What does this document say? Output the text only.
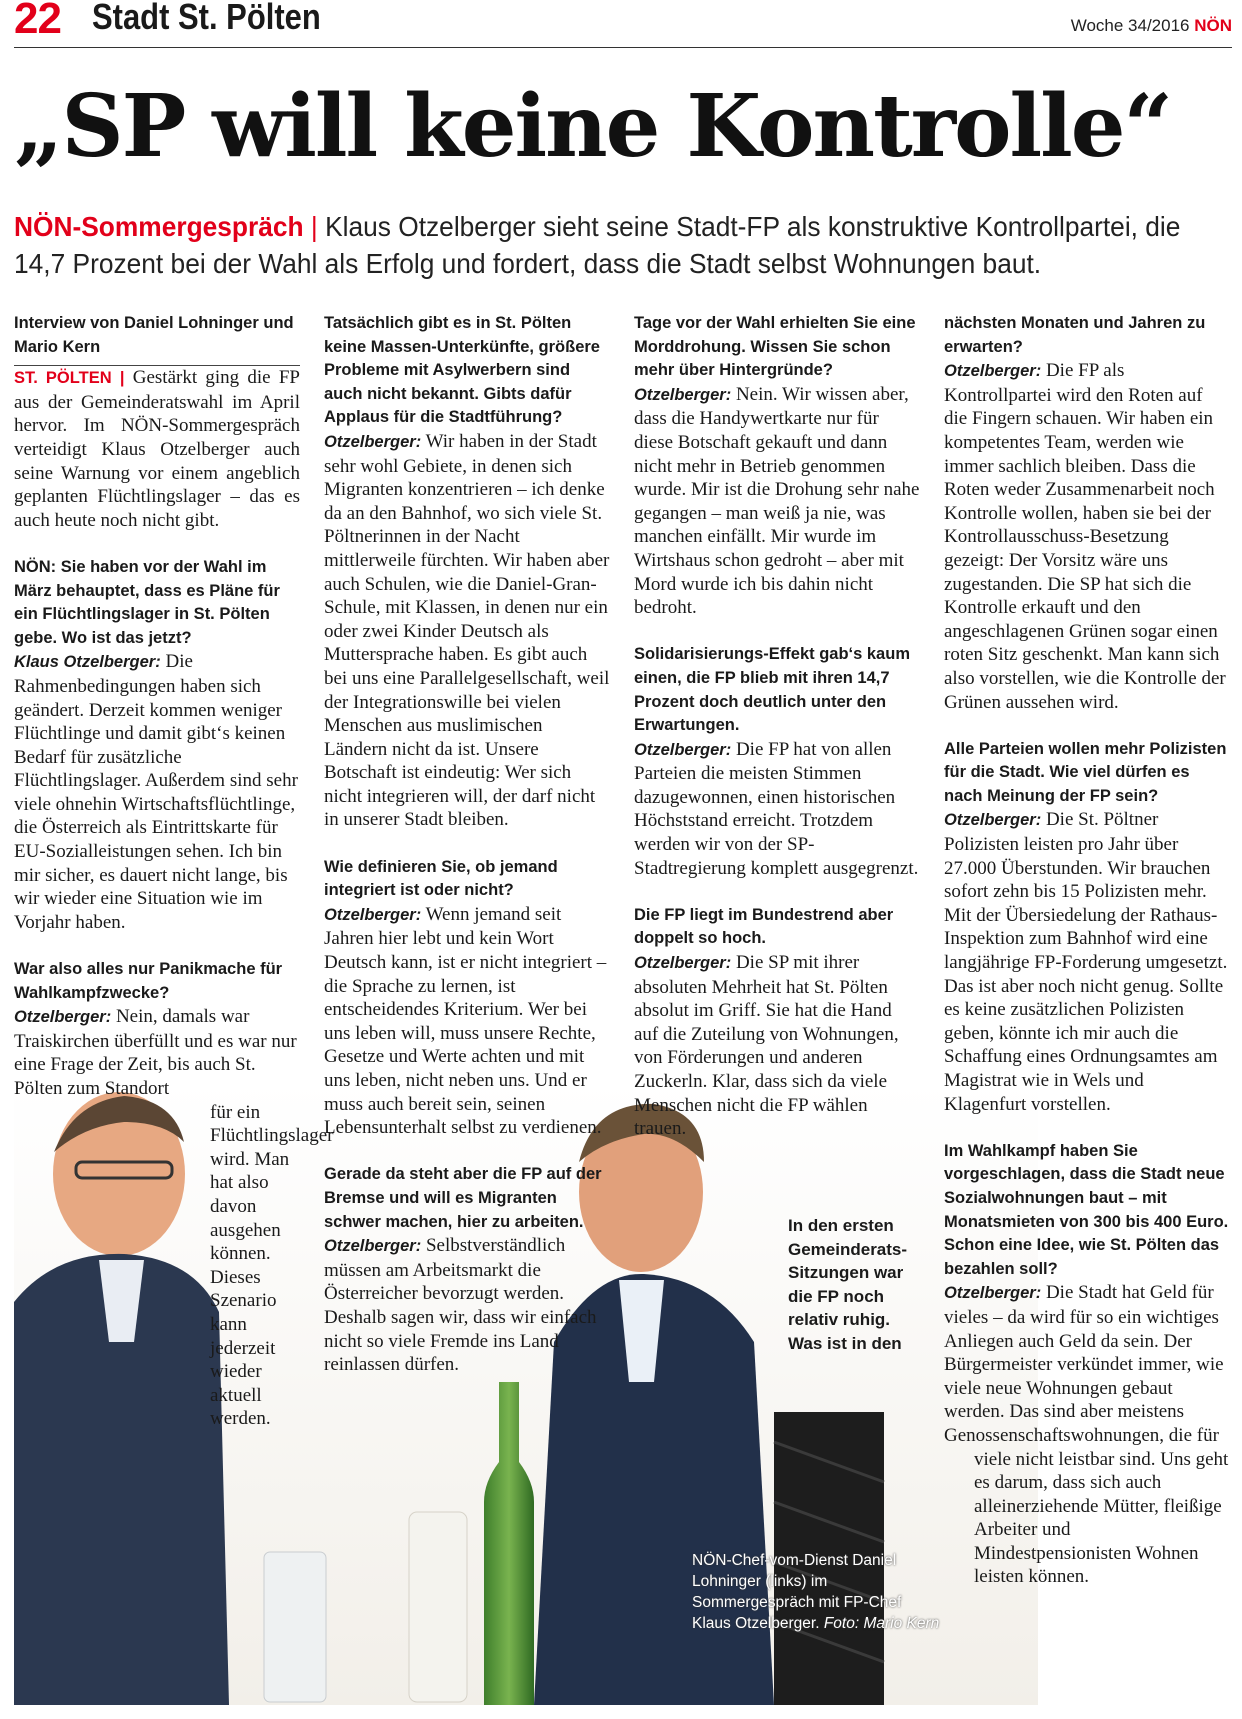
22 Stadt St. Pölten	Woche 34/2016 NÖN
„SP will keine Kontrolle“
NÖN-Sommergespräch | Klaus Otzelberger sieht seine Stadt-FP als konstruktive Kontrollpartei, die 14,7 Prozent bei der Wahl als Erfolg und fordert, dass die Stadt selbst Wohnungen baut.

Interview von Daniel Lohninger und Mario Kern

ST. PÖLTEN | Gestärkt ging die FP aus der Gemeinderatswahl im April hervor. Im NÖN-Sommergespräch verteidigt Klaus Otzelberger auch seine Warnung vor einem angeblich geplanten Flüchtlingslager – das es auch heute noch nicht gibt.

NÖN: Sie haben vor der Wahl im März behauptet, dass es Pläne für ein Flüchtlingslager in St. Pölten gebe. Wo ist das jetzt?

Klaus Otzelberger: Die Rahmenbedingungen haben sich geändert. Derzeit kommen weniger Flüchtlinge und damit gibt‘s keinen Bedarf für zusätzliche Flüchtlingslager. Außerdem sind sehr viele ohnehin Wirtschaftsflüchtlinge, die Österreich als Eintrittskarte für EU-Sozialleistungen sehen. Ich bin mir sicher, es dauert nicht lange, bis wir wieder eine Situation wie im Vorjahr haben.

War also alles nur Panikmache für Wahlkampfzwecke?

Otzelberger: Nein, damals war Traiskirchen überfüllt und es war nur eine Frage der Zeit, bis auch St. Pölten zum Standort

für ein Flüchtlingslager wird. Man hat also davon ausgehen können. Dieses Szenario kann jederzeit wieder aktuell werden.

Tatsächlich gibt es in St. Pölten keine Massen-Unterkünfte, größere Probleme mit Asylwerbern sind auch nicht bekannt. Gibts dafür Applaus für die Stadtführung?

Otzelberger: Wir haben in der Stadt sehr wohl Gebiete, in denen sich Migranten konzentrieren – ich denke da an den Bahnhof, wo sich viele St. Pöltnerinnen in der Nacht mittlerweile fürchten. Wir haben aber auch Schulen, wie die Daniel-Gran-Schule, mit Klassen, in denen nur ein oder zwei Kinder Deutsch als Muttersprache haben. Es gibt auch bei uns eine Parallelgesellschaft, weil der Integrationswille bei vielen Menschen aus muslimischen Ländern nicht da ist. Unsere Botschaft ist eindeutig: Wer sich nicht integrieren will, der darf nicht in unserer Stadt bleiben.

Wie definieren Sie, ob jemand integriert ist oder nicht?

Otzelberger: Wenn jemand seit Jahren hier lebt und kein Wort Deutsch kann, ist er nicht integriert – die Sprache zu lernen, ist entscheidendes Kriterium. Wer bei uns leben will, muss unsere Rechte, Gesetze und Werte achten und mit uns leben, nicht neben uns. Und er muss auch bereit sein, seinen Lebensunterhalt selbst zu verdienen.

Gerade da steht aber die FP auf der Bremse und will es Migranten schwer machen, hier zu arbeiten.

Otzelberger: Selbstverständlich müssen am Arbeitsmarkt die Österreicher bevorzugt werden. Deshalb sagen wir, dass wir einfach nicht so viele Fremde ins Land reinlassen dürfen.

Tage vor der Wahl erhielten Sie eine Morddrohung. Wissen Sie schon mehr über Hintergründe?

Otzelberger: Nein. Wir wissen aber, dass die Handywertkarte nur für diese Botschaft gekauft und dann nicht mehr in Betrieb genommen wurde. Mir ist die Drohung sehr nahe gegangen – man weiß ja nie, was manchen einfällt. Mir wurde im Wirtshaus schon gedroht – aber mit Mord wurde ich bis dahin nicht bedroht.

Solidarisierungs-Effekt gab‘s kaum einen, die FP blieb mit ihren 14,7 Prozent doch deutlich unter den Erwartungen.

Otzelberger: Die FP hat von allen Parteien die meisten Stimmen dazugewonnen, einen historischen Höchststand erreicht. Trotzdem werden wir von der SP-Stadtregierung komplett ausgegrenzt.

Die FP liegt im Bundestrend aber doppelt so hoch.

Otzelberger: Die SP mit ihrer absoluten Mehrheit hat St. Pölten absolut im Griff. Sie hat die Hand auf die Zuteilung von Wohnungen, von Förderungen und anderen Zuckerln. Klar, dass sich da viele Menschen nicht die FP wählen trauen.

nächsten Monaten und Jahren zu erwarten?

Otzelberger: Die FP als Kontrollpartei wird den Roten auf die Fingern schauen. Wir haben ein kompetentes Team, werden wie immer sachlich bleiben. Dass die Roten weder Zusammenarbeit noch Kontrolle wollen, haben sie bei der Kontrollausschuss-Besetzung gezeigt: Der Vorsitz wäre uns zugestanden. Die SP hat sich die Kontrolle erkauft und den angeschlagenen Grünen sogar einen roten Sitz geschenkt. Man kann sich also vorstellen, wie die Kontrolle der Grünen aussehen wird.

Alle Parteien wollen mehr Polizisten für die Stadt. Wie viel dürfen es nach Meinung der FP sein?

Otzelberger: Die St. Pöltner Polizisten leisten pro Jahr über 27.000 Überstunden. Wir brauchen sofort zehn bis 15 Polizisten mehr. Mit der Übersiedelung der Rathaus-Inspektion zum Bahnhof wird eine langjährige FP-Forderung umgesetzt. Das ist aber noch nicht genug. Sollte es keine zusätzlichen Polizisten geben, könnte ich mir auch die Schaffung eines Ordnungsamtes am Magistrat wie in Wels und Klagenfurt vorstellen.

Im Wahlkampf haben Sie vorgeschlagen, dass die Stadt neue Sozialwohnungen baut – mit Monatsmieten von 300 bis 400 Euro. Schon eine Idee, wie St. Pölten das bezahlen soll?

Otzelberger: Die Stadt hat Geld für vieles – da wird für so ein wichtiges Anliegen auch Geld da sein. Der Bürgermeister verkündet immer, wie viele neue Wohnungen gebaut werden. Das sind aber meistens Genossenschaftswohnungen, die für

viele nicht leistbar sind. Uns geht es darum, dass sich auch alleinerziehende Mütter, fleißige Arbeiter und Mindestpensionisten Wohnen leisten können.

In den ersten Gemeinderats-Sitzungen war die FP noch relativ ruhig. Was ist in den
NÖN-Chef-vom-Dienst Daniel Lohninger (links) im Sommergespräch mit FP-Chef Klaus Otzelberger. Foto: Mario Kern
